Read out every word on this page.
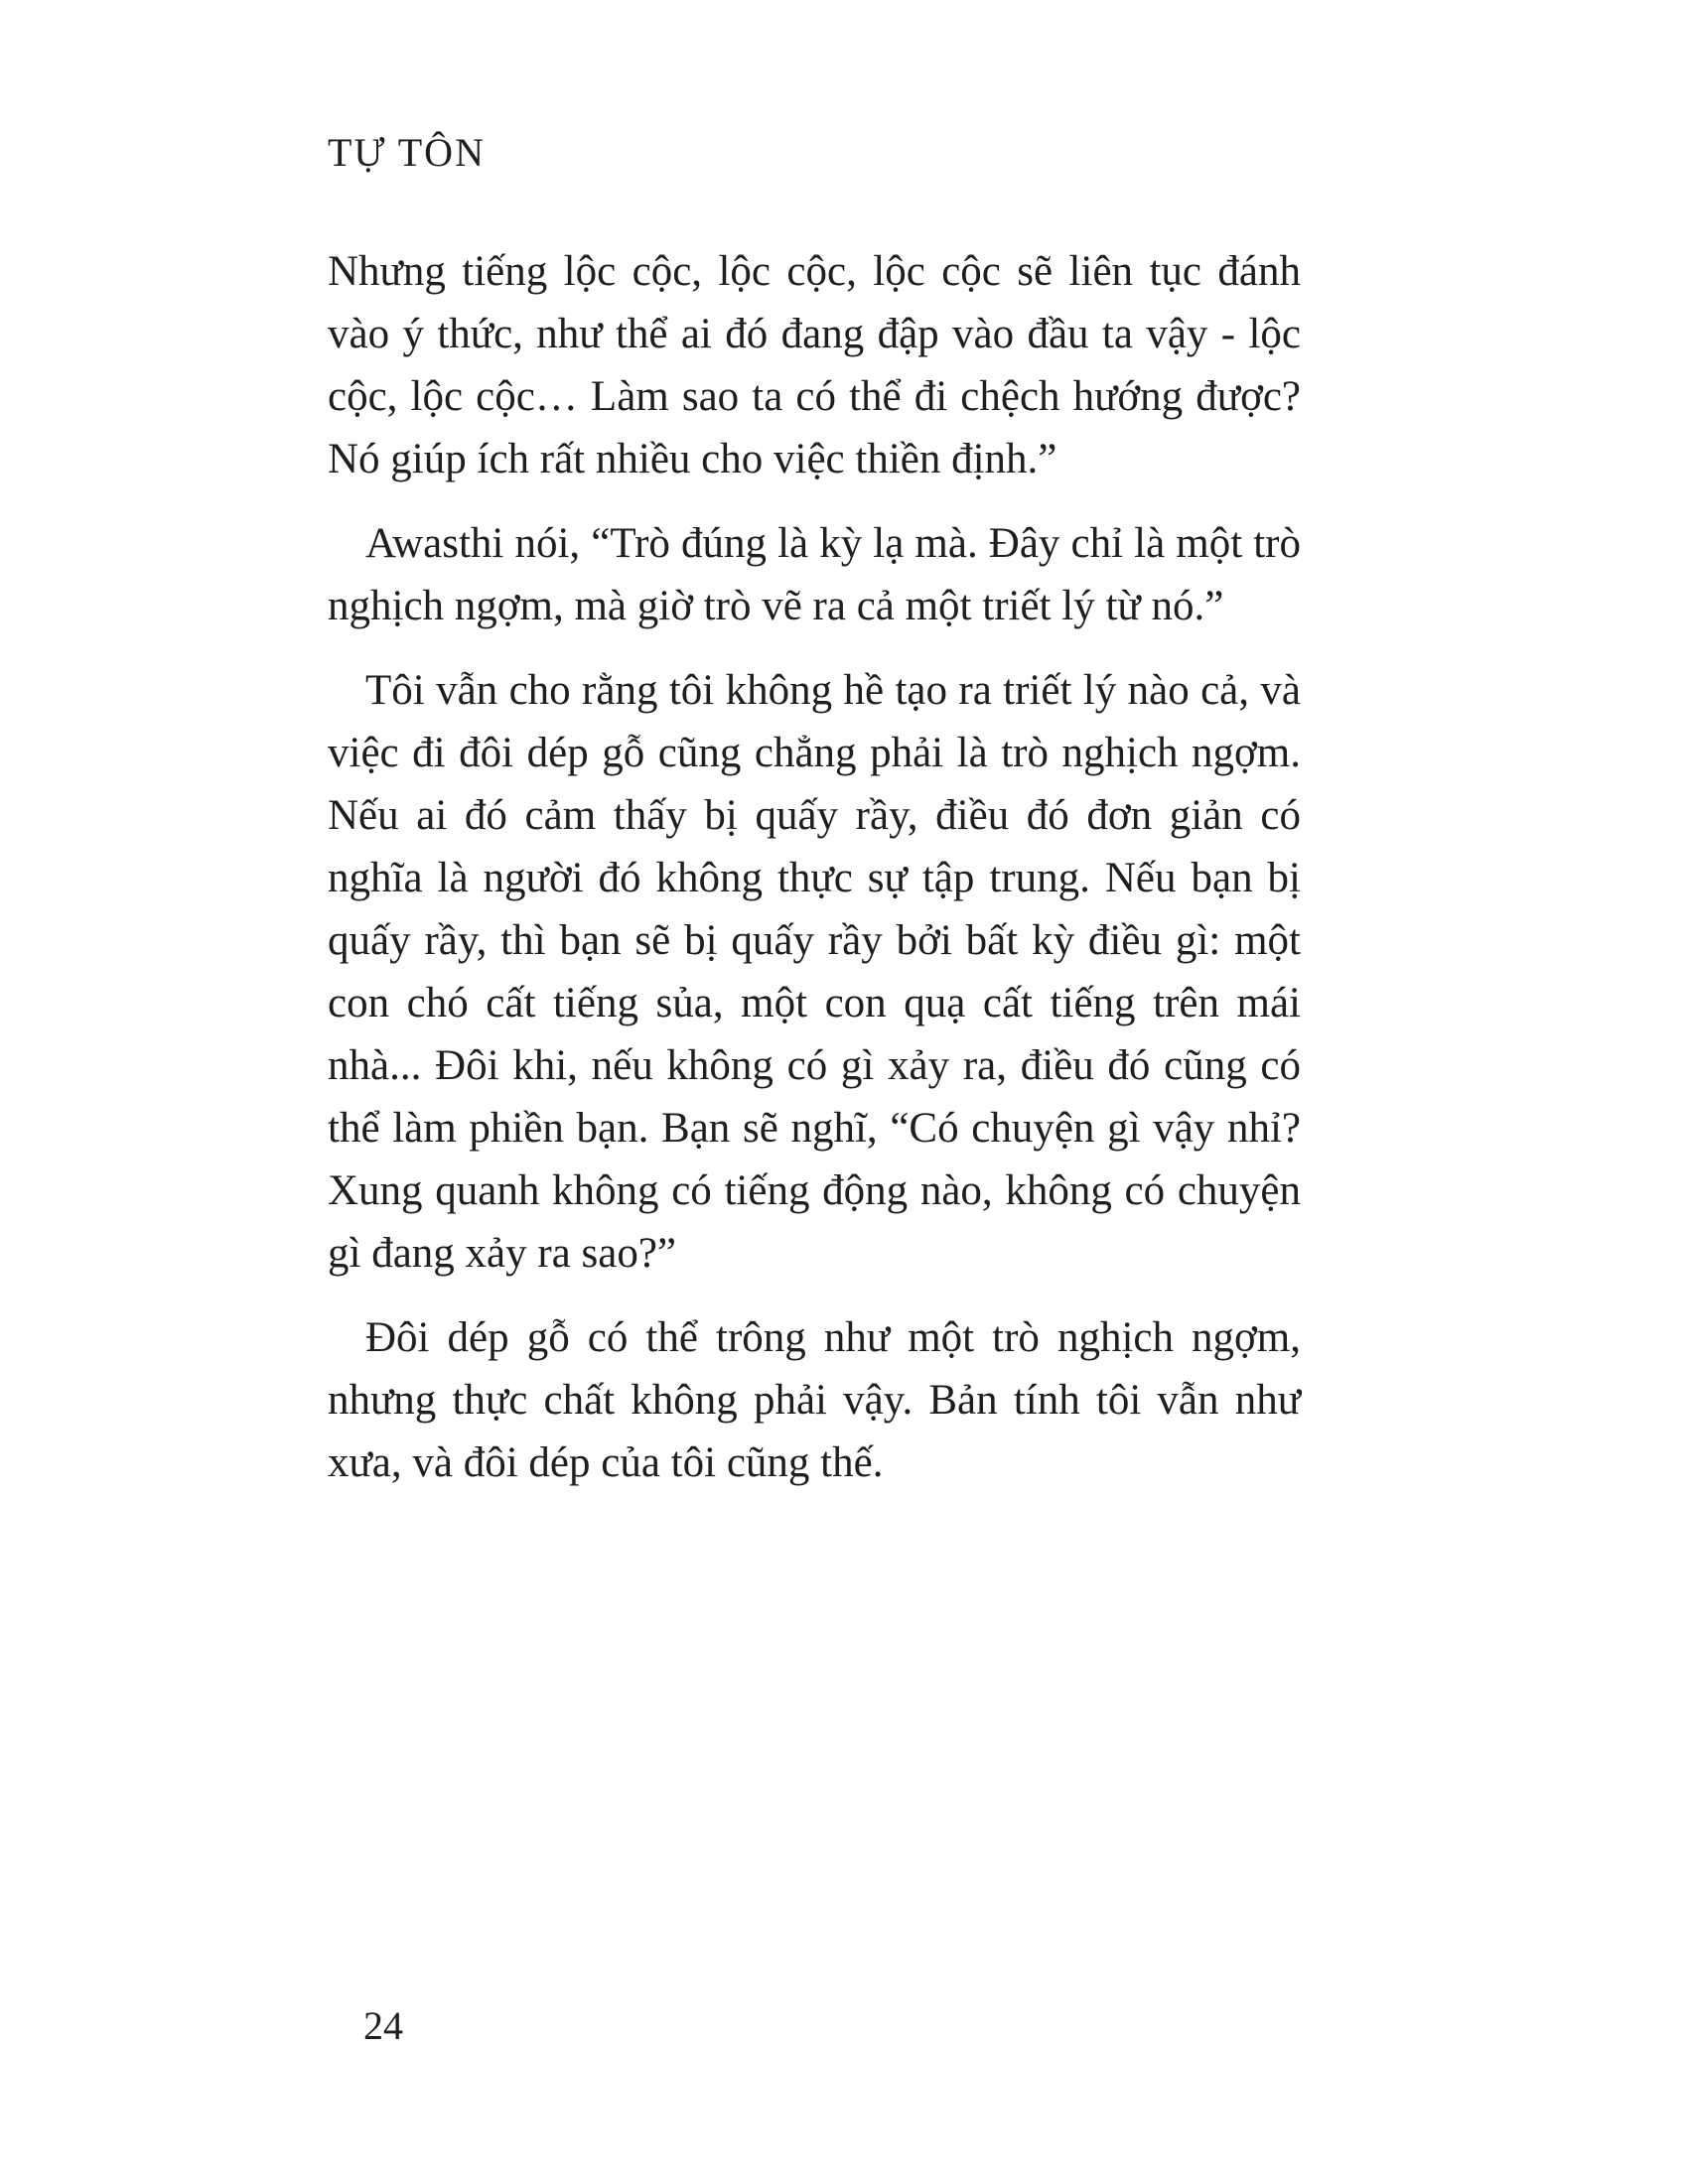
TỰ TÔN

Nhưng tiếng lộc cộc, lộc cộc, lộc cộc sẽ liên tục đánh vào ý thức, như thể ai đó đang đập vào đầu ta vậy - lộc cộc, lộc cộc… Làm sao ta có thể đi chệch hướng được? Nó giúp ích rất nhiều cho việc thiền định.”

Awasthi nói, “Trò đúng là kỳ lạ mà. Đây chỉ là một trò nghịch ngợm, mà giờ trò vẽ ra cả một triết lý từ nó.”

Tôi vẫn cho rằng tôi không hề tạo ra triết lý nào cả, và việc đi đôi dép gỗ cũng chẳng phải là trò nghịch ngợm. Nếu ai đó cảm thấy bị quấy rầy, điều đó đơn giản có nghĩa là người đó không thực sự tập trung. Nếu bạn bị quấy rầy, thì bạn sẽ bị quấy rầy bởi bất kỳ điều gì: một con chó cất tiếng sủa, một con quạ cất tiếng trên mái nhà... Đôi khi, nếu không có gì xảy ra, điều đó cũng có thể làm phiền bạn. Bạn sẽ nghĩ, “Có chuyện gì vậy nhỉ? Xung quanh không có tiếng động nào, không có chuyện gì đang xảy ra sao?”

Đôi dép gỗ có thể trông như một trò nghịch ngợm, nhưng thực chất không phải vậy. Bản tính tôi vẫn như xưa, và đôi dép của tôi cũng thế.

24
